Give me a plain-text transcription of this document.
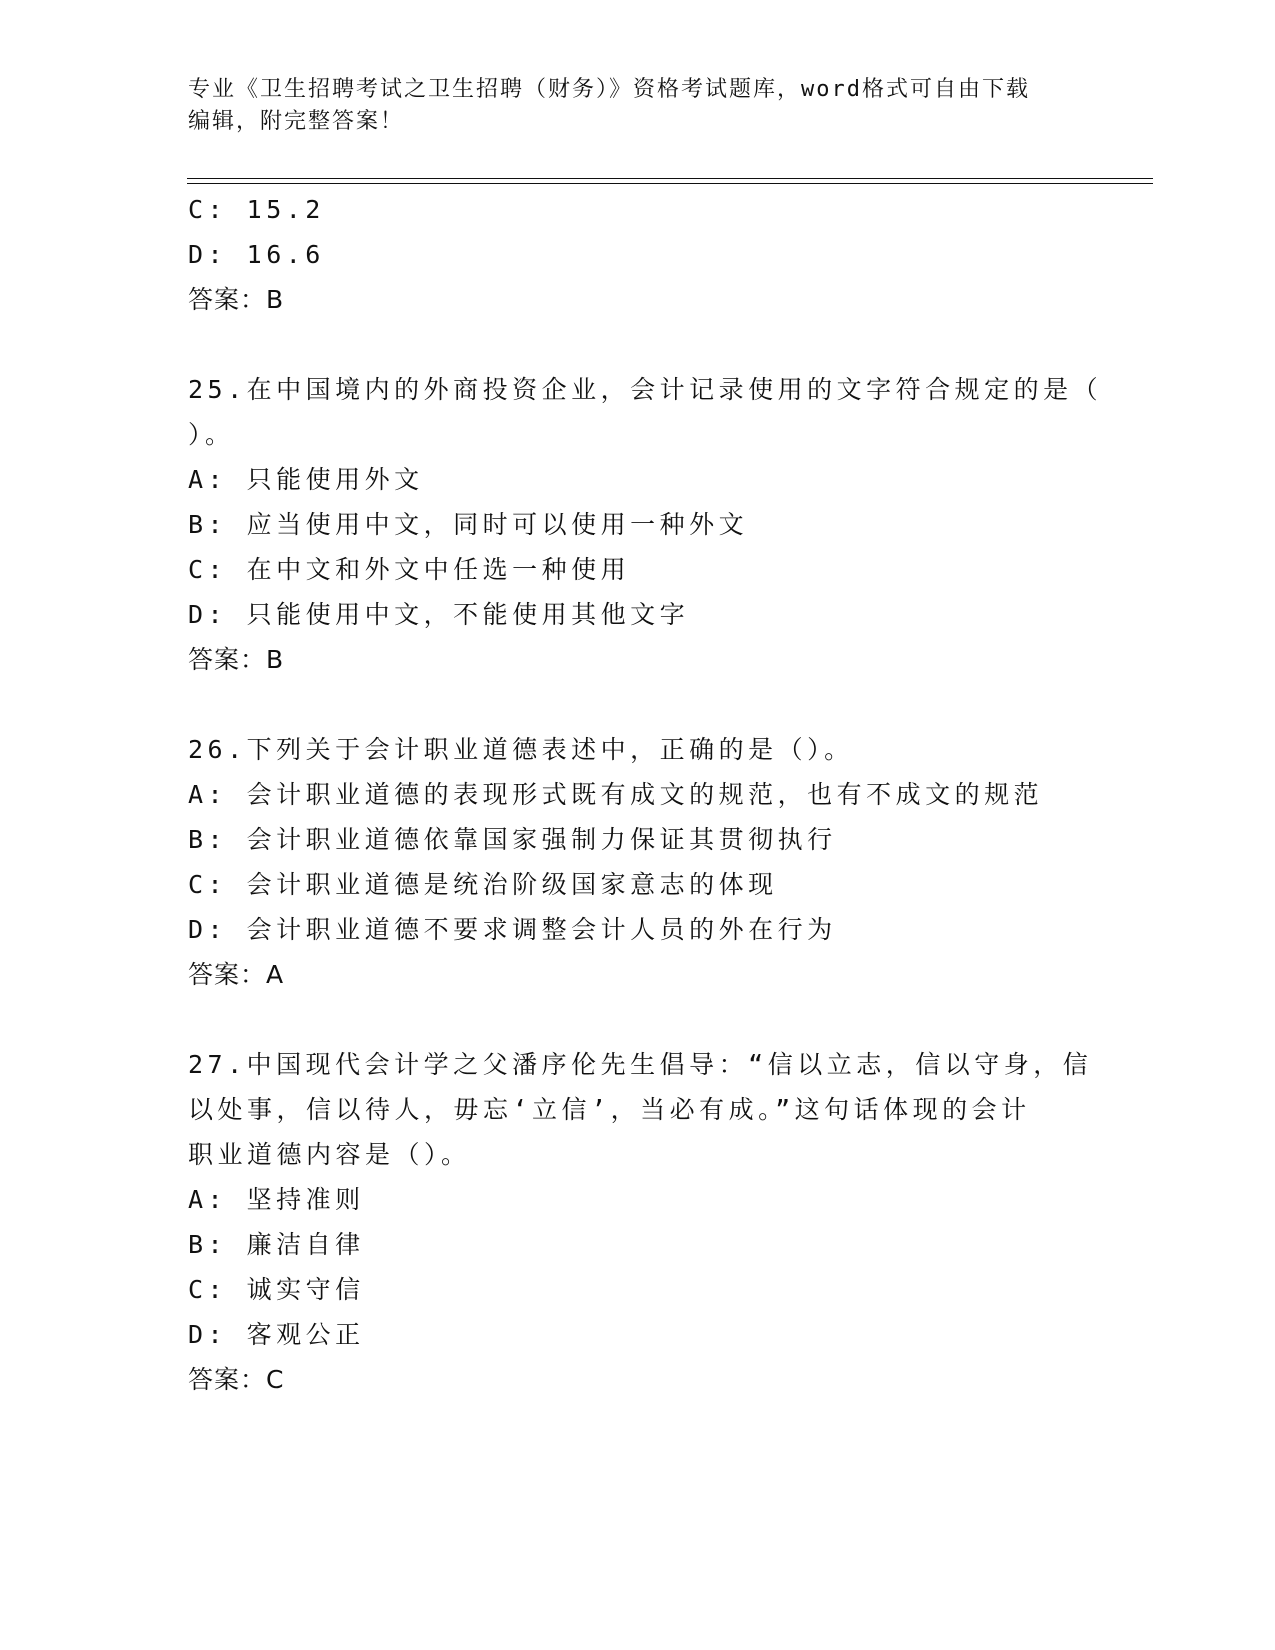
专业《卫生招聘考试之卫生招聘（财务）》资格考试题库，word格式可自由下载
编辑，附完整答案！
C: 15.2
D: 16.6
答案：B
25.在中国境内的外商投资企业，会计记录使用的文字符合规定的是（
）。
A: 只能使用外文
B: 应当使用中文，同时可以使用一种外文
C: 在中文和外文中任选一种使用
D: 只能使用中文，不能使用其他文字
答案：B
26.下列关于会计职业道德表述中，正确的是（）。
A: 会计职业道德的表现形式既有成文的规范，也有不成文的规范
B: 会计职业道德依靠国家强制力保证其贯彻执行
C: 会计职业道德是统治阶级国家意志的体现
D: 会计职业道德不要求调整会计人员的外在行为
答案：A
27.中国现代会计学之父潘序伦先生倡导：“信以立志，信以守身，信
以处事，信以待人，毋忘‘立信’，当必有成。”这句话体现的会计
职业道德内容是（）。
A: 坚持准则
B: 廉洁自律
C: 诚实守信
D: 客观公正
答案：C
